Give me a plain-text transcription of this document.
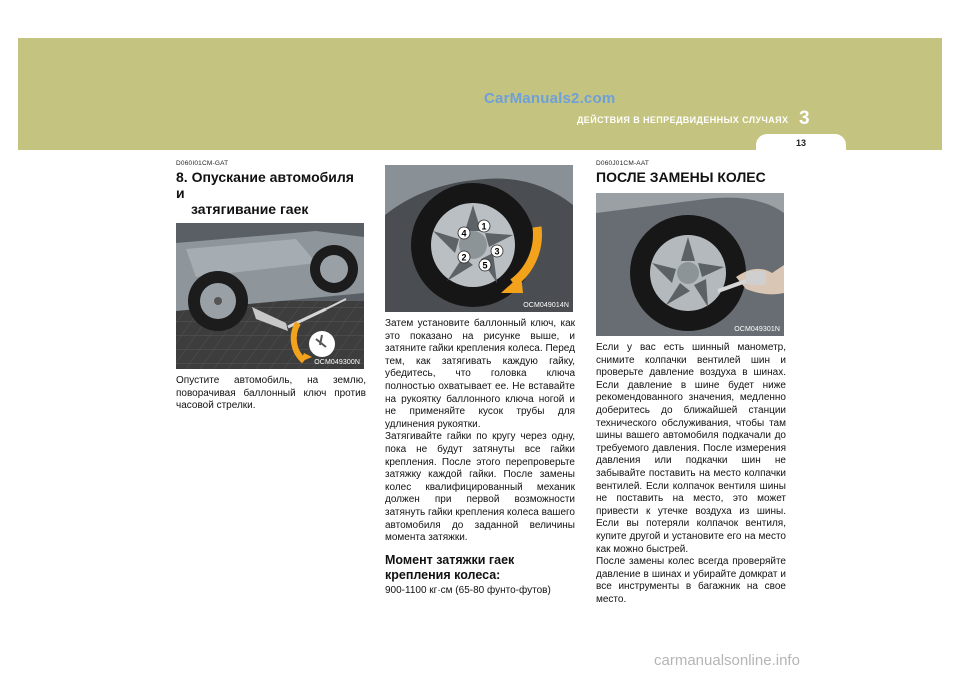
CarManuals2.com
ДЕЙСТВИЯ В НЕПРЕДВИДЕННЫХ СЛУЧАЯХ 3
13
D060I01CM-GAT
8. Опускание автомобиля и
затягивание гаек
OCM049300N

Опустите автомобиль, на землю, поворачивая баллонный ключ против часовой стрелки.

1
2
3
4
5
OCM049014N

Затем установите баллонный ключ, как это показано на рисунке выше, и затяните гайки крепления колеса. Перед тем, как затягивать каждую гайку, убедитесь, что головка ключа полностью охватывает ее. Не вставайте на рукоятку баллонного ключа ногой и не применяйте кусок трубы для удлинения рукоятки.

Затягивайте гайки по кругу через одну, пока не будут затянуты все гайки крепления. После этого перепроверьте затяжку каждой гайки. После замены колес квалифицированный механик должен при первой возможности затянуть гайки крепления колеса вашего автомобиля до заданной величины момента затяжки.

Момент затяжки гаек крепления колеса:

900-1100 кг·см (65-80 фунто-футов)

D060J01CM-AAT
ПОСЛЕ ЗАМЕНЫ КОЛЕС
OCM049301N

Если у вас есть шинный манометр, снимите колпачки вентилей шин и проверьте давление воздуха в шинах. Если давление в шине будет ниже рекомендованного значения, медленно доберитесь до ближайшей станции технического обслуживания, чтобы там шины вашего автомобиля подкачали до требуемого давления. После измерения давления или подкачки шин не забывайте поставить на место колпачки вентилей. Если колпачок вентиля шины не поставить на место, это может привести к утечке воздуха из шины. Если вы потеряли колпачок вентиля, купите другой и установите его на место как можно быстрей.

После замены колес всегда проверяйте давление в шинах и убирайте домкрат и все инструменты в багажник на свое место.

carmanualsonline.info
